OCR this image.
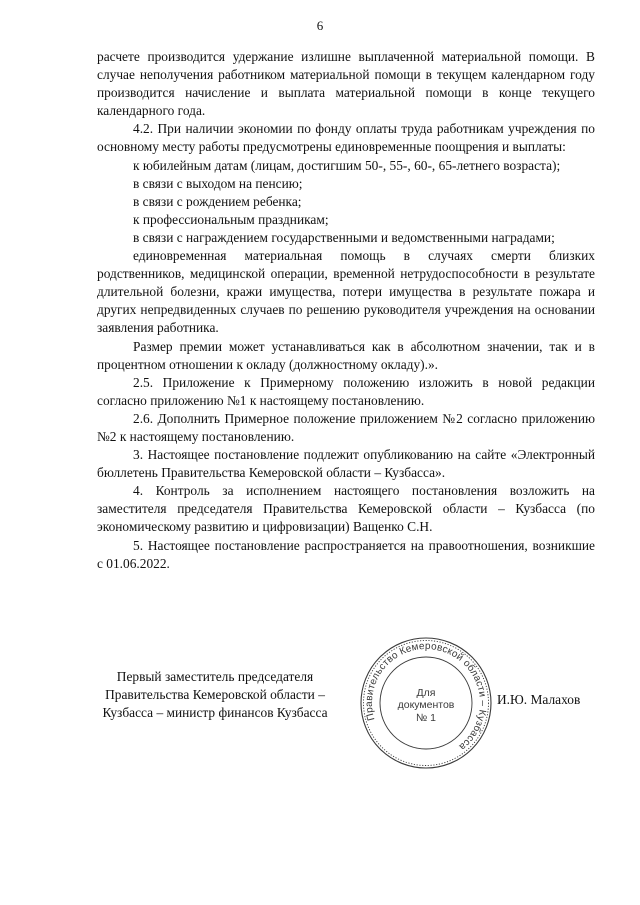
6

расчете производится удержание излишне выплаченной материальной помощи. В случае неполучения работником материальной помощи в текущем календарном году производится начисление и выплата материальной помощи в конце текущего календарного года.

4.2. При наличии экономии по фонду оплаты труда работникам учреждения по основному месту работы предусмотрены единовременные поощрения и выплаты:

к юбилейным датам (лицам, достигшим 50-, 55-, 60-, 65-летнего возраста);

в связи с выходом на пенсию;

в связи с рождением ребенка;

к профессиональным праздникам;

в связи с награждением государственными и ведомственными наградами;

единовременная материальная помощь в случаях смерти близких родственников, медицинской операции, временной нетрудоспособности в результате длительной болезни, кражи имущества, потери имущества в результате пожара и других непредвиденных случаев по решению руководителя учреждения на основании заявления работника.

Размер премии может устанавливаться как в абсолютном значении, так и в процентном отношении к окладу (должностному окладу).».

2.5. Приложение к Примерному положению изложить в новой редакции согласно приложению №1 к настоящему постановлению.

2.6. Дополнить Примерное положение приложением №2 согласно приложению №2 к настоящему постановлению.

3. Настоящее постановление подлежит опубликованию на сайте «Электронный бюллетень Правительства Кемеровской области – Кузбасса».

4. Контроль за исполнением настоящего постановления возложить на заместителя председателя Правительства Кемеровской области – Кузбасса (по экономическому развитию и цифровизации) Ващенко С.Н.

5. Настоящее постановление распространяется на правоотношения, возникшие с 01.06.2022.

Первый заместитель председателя
Правительства Кемеровской области –
Кузбасса – министр финансов Кузбасса
И.Ю. Малахов
Правительство Кемеровской области – Кузбасса
Для
документов
№ 1
